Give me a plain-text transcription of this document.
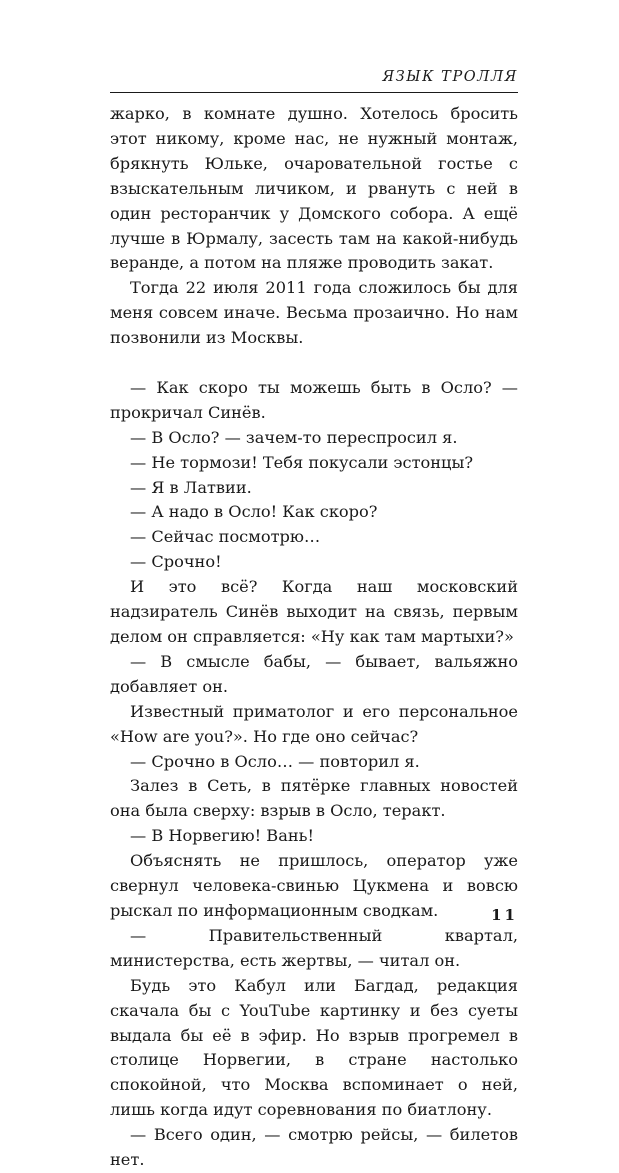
ЯЗЫК ТРОЛЛЯ

жарко, в комнате душно. Хотелось бросить этот никому, кроме нас, не нужный монтаж, брякнуть Юльке, очаровательной гостье с взыскательным личиком, и рвануть с ней в один ресторанчик у Домского собора. А ещё лучше в Юрмалу, засесть там на какой-нибудь веранде, а потом на пляже проводить закат.

Тогда 22 июля 2011 года сложилось бы для меня совсем иначе. Весьма прозаично. Но нам позвонили из Москвы.

— Как скоро ты можешь быть в Осло? — прокричал Синёв.

— В Осло? — зачем-то переспросил я.

— Не тормози! Тебя покусали эстонцы?

— Я в Латвии.

— А надо в Осло! Как скоро?

— Сейчас посмотрю…

— Срочно!

И это всё? Когда наш московский надзиратель Синёв выходит на связь, первым делом он справляется: «Ну как там мартыхи?»

— В смысле бабы, — бывает, вальяжно добавляет он.

Известный приматолог и его персональное «How are you?». Но где оно сейчас?

— Срочно в Осло… — повторил я.

Залез в Сеть, в пятёрке главных новостей она была сверху: взрыв в Осло, теракт.

— В Норвегию! Вань!

Объяснять не пришлось, оператор уже свернул человека-свинью Цукмена и вовсю рыскал по информационным сводкам.

— Правительственный квартал, министерства, есть жертвы, — читал он.

Будь это Кабул или Багдад, редакция скачала бы с YouTube картинку и без суеты выдала бы её в эфир. Но взрыв прогремел в столице Норвегии, в стране настолько спокойной, что Москва вспоминает о ней, лишь когда идут соревнования по биатлону.

— Всего один, — смотрю рейсы, — билетов нет.

11
